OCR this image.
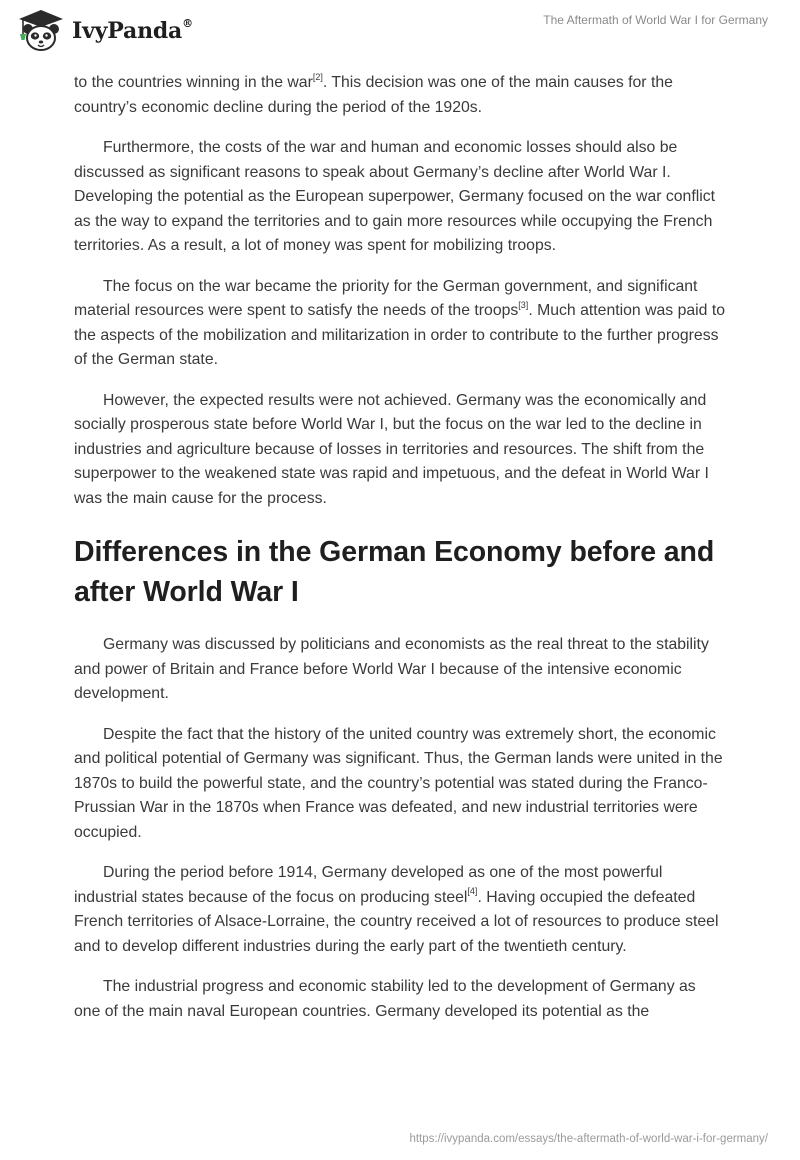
IvyPanda®	The Aftermath of World War I for Germany

to the countries winning in the war[2]. This decision was one of the main causes for the country’s economic decline during the period of the 1920s.

Furthermore, the costs of the war and human and economic losses should also be discussed as significant reasons to speak about Germany’s decline after World War I. Developing the potential as the European superpower, Germany focused on the war conflict as the way to expand the territories and to gain more resources while occupying the French territories. As a result, a lot of money was spent for mobilizing troops.

The focus on the war became the priority for the German government, and significant material resources were spent to satisfy the needs of the troops[3]. Much attention was paid to the aspects of the mobilization and militarization in order to contribute to the further progress of the German state.

However, the expected results were not achieved. Germany was the economically and socially prosperous state before World War I, but the focus on the war led to the decline in industries and agriculture because of losses in territories and resources. The shift from the superpower to the weakened state was rapid and impetuous, and the defeat in World War I was the main cause for the process.

Differences in the German Economy before and after World War I

Germany was discussed by politicians and economists as the real threat to the stability and power of Britain and France before World War I because of the intensive economic development.

Despite the fact that the history of the united country was extremely short, the economic and political potential of Germany was significant. Thus, the German lands were united in the 1870s to build the powerful state, and the country’s potential was stated during the Franco-Prussian War in the 1870s when France was defeated, and new industrial territories were occupied.

During the period before 1914, Germany developed as one of the most powerful industrial states because of the focus on producing steel[4]. Having occupied the defeated French territories of Alsace-Lorraine, the country received a lot of resources to produce steel and to develop different industries during the early part of the twentieth century.

The industrial progress and economic stability led to the development of Germany as one of the main naval European countries. Germany developed its potential as the

https://ivypanda.com/essays/the-aftermath-of-world-war-i-for-germany/
